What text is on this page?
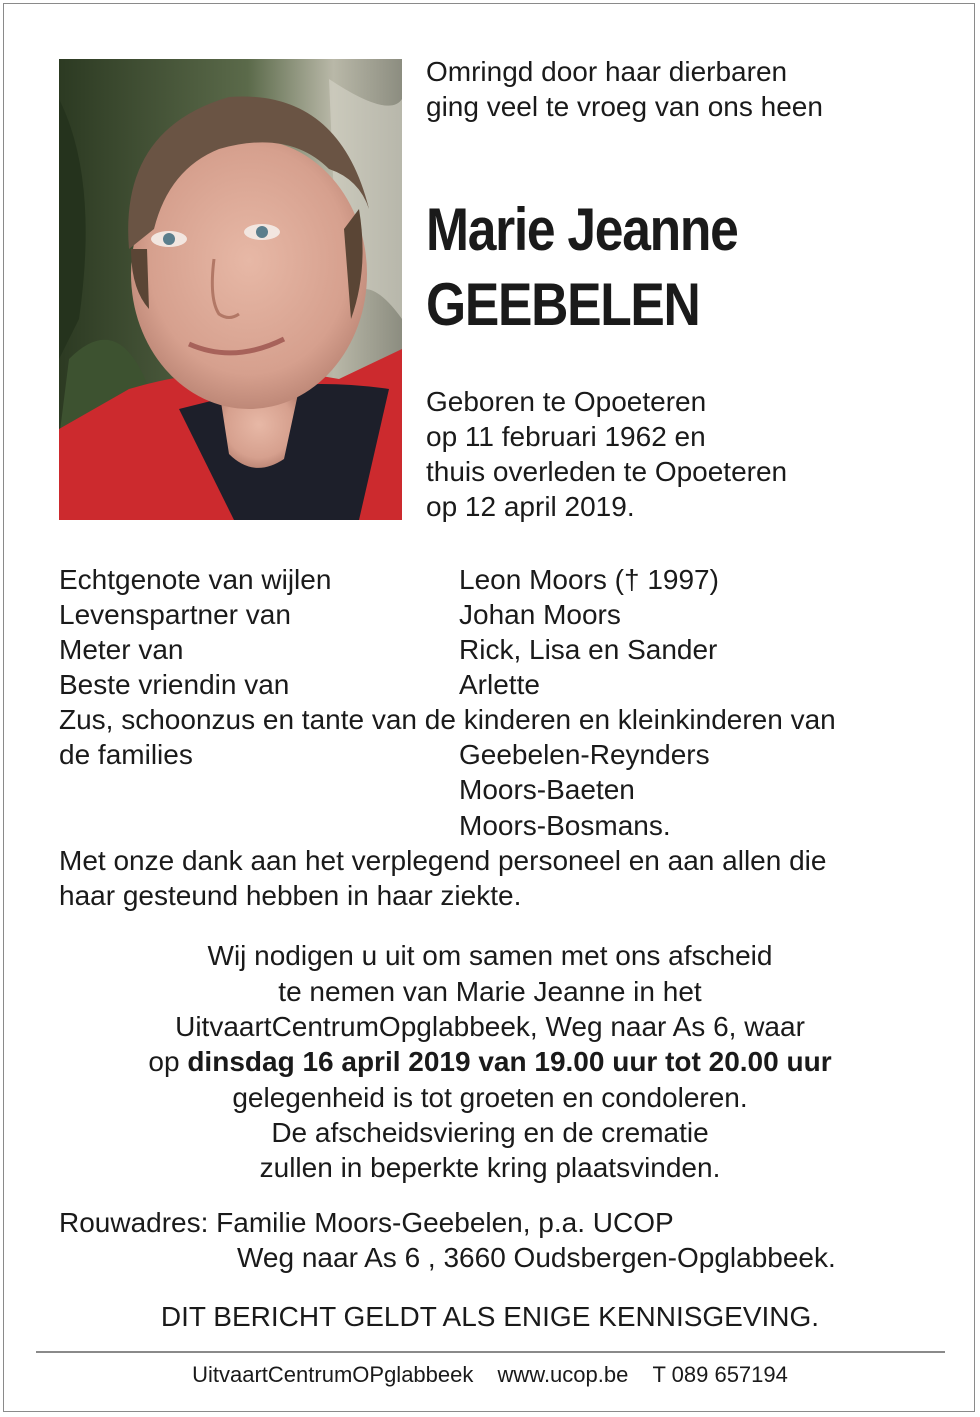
Omringd door haar dierbaren
ging veel te vroeg van ons heen
Marie Jeanne
GEEBELEN
Geboren te Opoeteren
op 11 februari 1962 en
thuis overleden te Opoeteren
op 12 april 2019.
Echtgenote van wijlen	Leon Moors († 1997)
Levenspartner van	Johan Moors
Meter van	Rick, Lisa en Sander
Beste vriendin van	Arlette
Zus, schoonzus en tante van de kinderen en kleinkinderen van
de families	Geebelen-Reynders
Moors-Baeten
Moors-Bosmans.
Met onze dank aan het verplegend personeel en aan allen die
haar gesteund hebben in haar ziekte.
Wij nodigen u uit om samen met ons afscheid
te nemen van Marie Jeanne in het
UitvaartCentrumOpglabbeek, Weg naar As 6, waar
op dinsdag 16 april 2019 van 19.00 uur tot 20.00 uur
gelegenheid is tot groeten en condoleren.
De afscheidsviering en de crematie
zullen in beperkte kring plaatsvinden.
Rouwadres: Familie Moors-Geebelen, p.a. UCOP
Weg naar As 6 , 3660 Oudsbergen-Opglabbeek.
DIT BERICHT GELDT ALS ENIGE KENNISGEVING.
UitvaartCentrumOPglabbeek www.ucop.be T 089 657194
